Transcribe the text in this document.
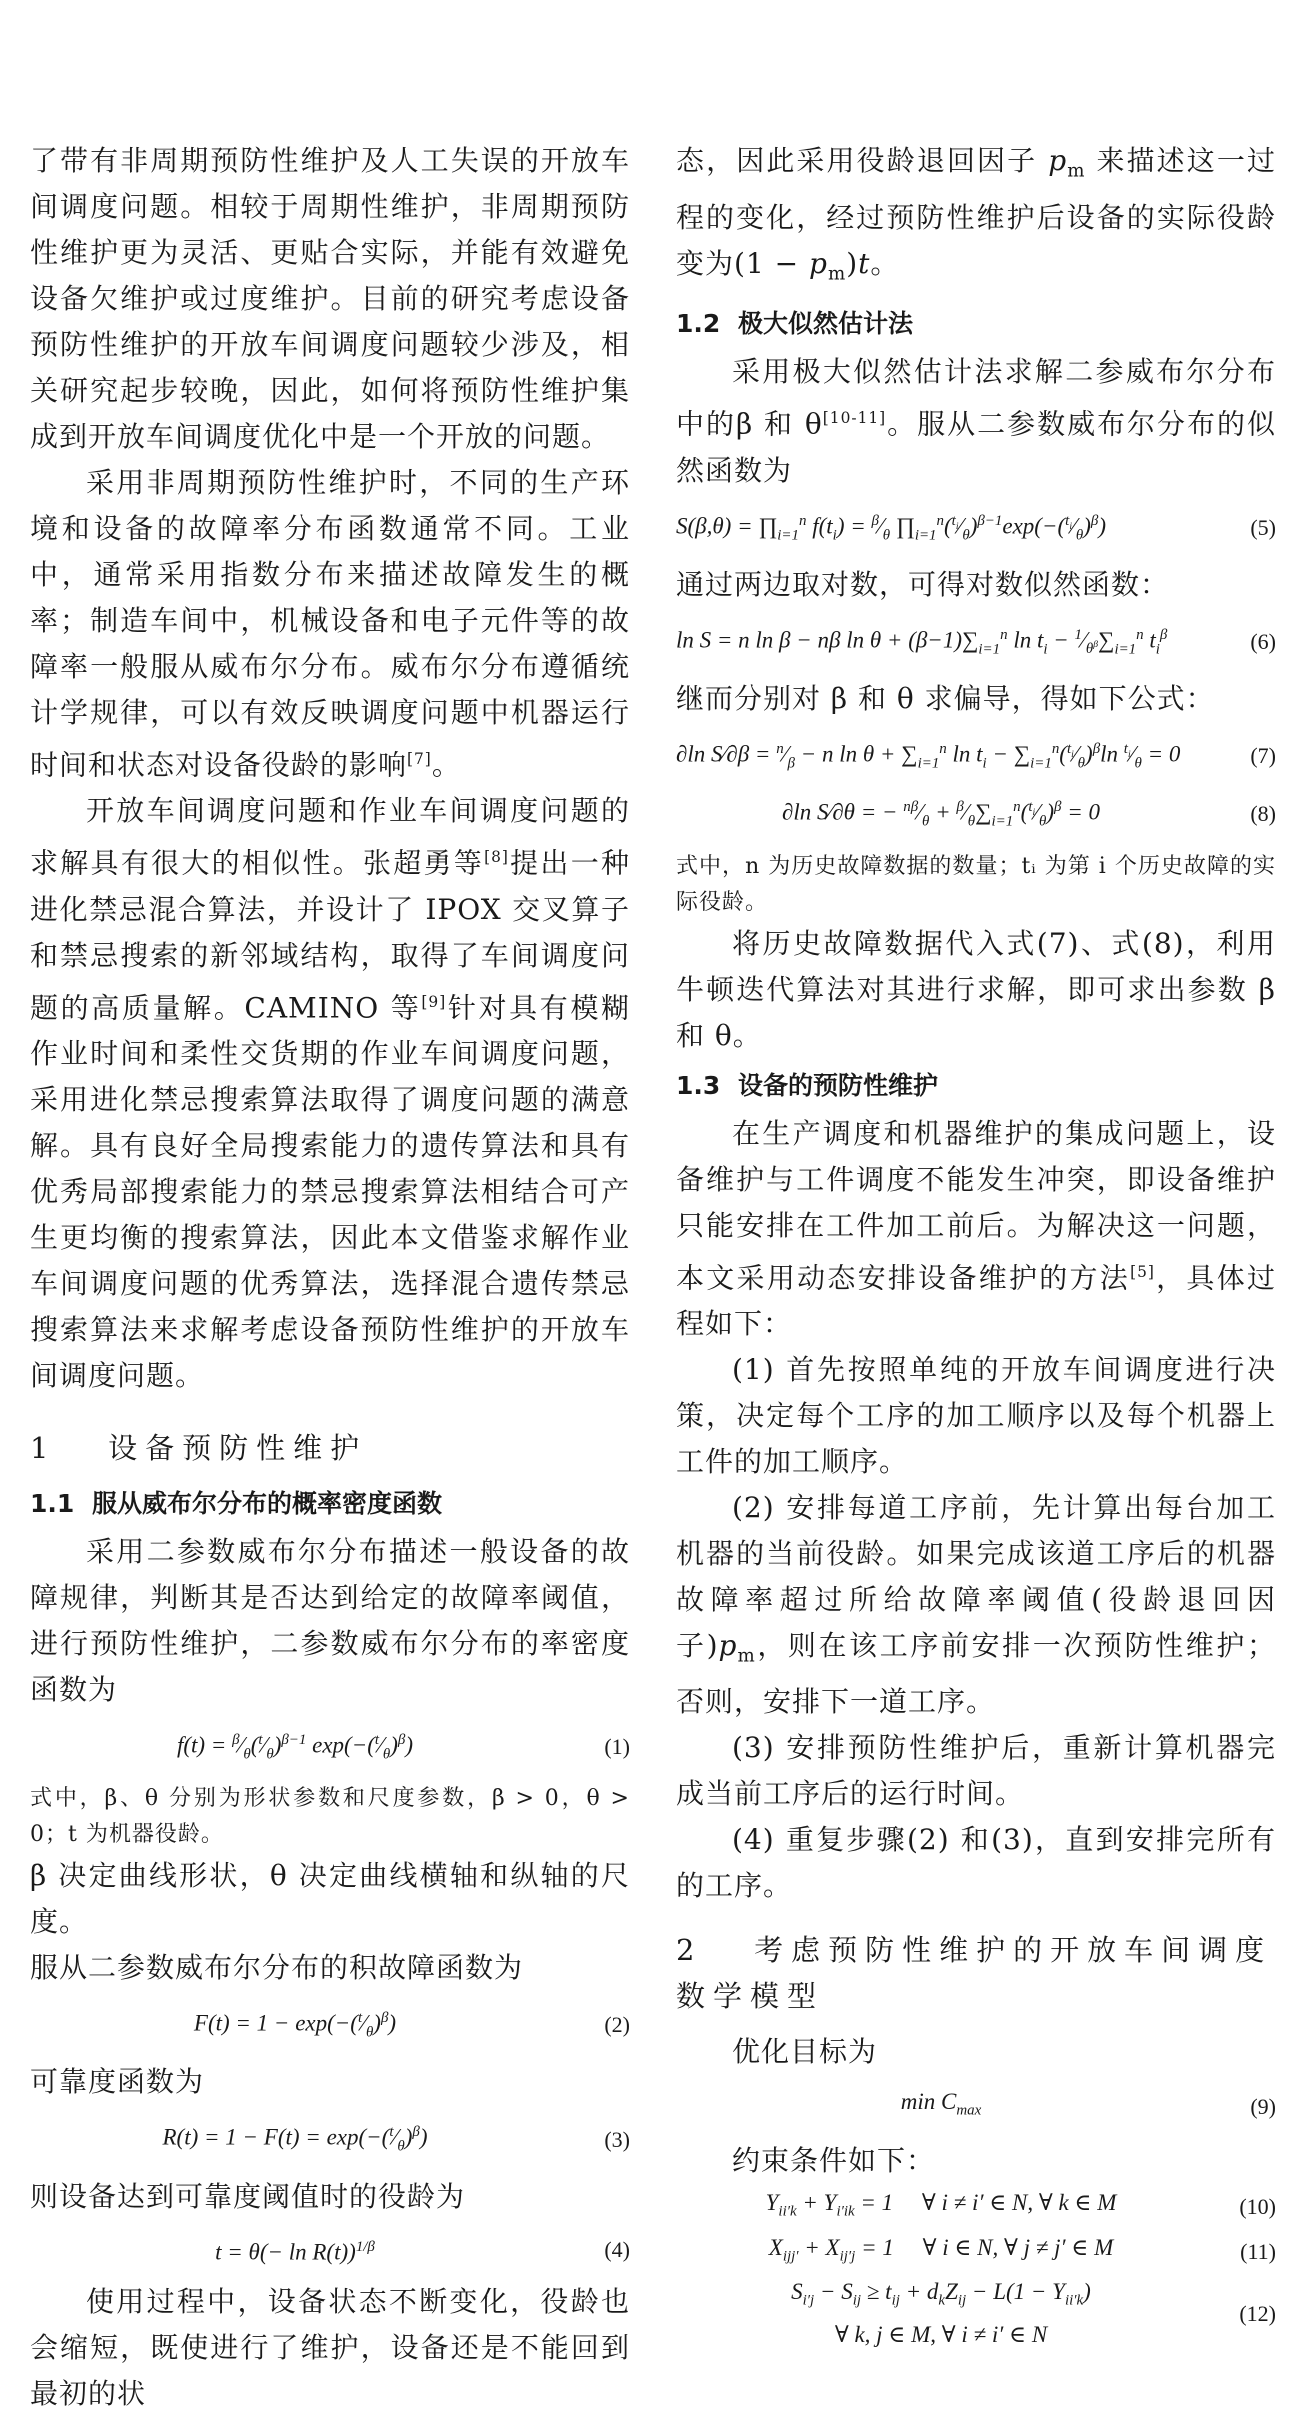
了带有非周期预防性维护及人工失误的开放车间调度问题。相较于周期性维护，非周期预防性维护更为灵活、更贴合实际，并能有效避免设备欠维护或过度维护。目前的研究考虑设备预防性维护的开放车间调度问题较少涉及，相关研究起步较晚，因此，如何将预防性维护集成到开放车间调度优化中是一个开放的问题。

采用非周期预防性维护时，不同的生产环境和设备的故障率分布函数通常不同。工业中，通常采用指数分布来描述故障发生的概率；制造车间中，机械设备和电子元件等的故障率一般服从威布尔分布。威布尔分布遵循统计学规律，可以有效反映调度问题中机器运行时间和状态对设备役龄的影响[7]。

开放车间调度问题和作业车间调度问题的求解具有很大的相似性。张超勇等[8]提出一种进化禁忌混合算法，并设计了 IPOX 交叉算子和禁忌搜索的新邻域结构，取得了车间调度问题的高质量解。CAMINO 等[9]针对具有模糊作业时间和柔性交货期的作业车间调度问题，采用进化禁忌搜索算法取得了调度问题的满意解。具有良好全局搜索能力的遗传算法和具有优秀局部搜索能力的禁忌搜索算法相结合可产生更均衡的搜索算法，因此本文借鉴求解作业车间调度问题的优秀算法，选择混合遗传禁忌搜索算法来求解考虑设备预防性维护的开放车间调度问题。

1 设备预防性维护
1.1 服从威布尔分布的概率密度函数

采用二参数威布尔分布描述一般设备的故障规律，判断其是否达到给定的故障率阈值，进行预防性维护，二参数威布尔分布的率密度函数为

$f(t) = ^\beta⁄_\theta(^t⁄_\theta)^{\beta-1}$ $\exp(-(^t⁄_\theta)^\beta)$	(1)

式中，β、θ 分别为形状参数和尺度参数，β > 0，θ > 0；t 为机器役龄。

β 决定曲线形状，θ 决定曲线横轴和纵轴的尺度。

服从二参数威布尔分布的积故障函数为

$F(t) = 1 - \exp(-(^t⁄_\theta)^\beta)$	(2)

可靠度函数为

$R(t) = 1 - F(t) = \exp(-(^t⁄_\theta)^\beta)$	(3)

则设备达到可靠度阈值时的役龄为

$t = \theta(- \ln R(t))^{1/\beta}$	(4)

使用过程中，设备状态不断变化，役龄也会缩短，既使进行了维护，设备还是不能回到最初的状

态，因此采用役龄退回因子 $p_m$ 来描述这一过程的变化，经过预防性维护后设备的实际役龄变为$(1 - p_m)t$。

1.2 极大似然估计法

采用极大似然估计法求解二参威布尔分布中的β 和 θ[10-11]。服从二参数威布尔分布的似然函数为

$S(\beta,\theta) = \prod_{i=1}^n$ $f(t_i)$ = $^\beta⁄_\theta$ $\prod_{i=1}^n(^{t_i}⁄_\theta)^{\beta-1}\exp(-(^{t_i}⁄_\theta)^\beta)$	(5)

通过两边取对数，可得对数似然函数：

ln S = n ln β − nβ $\ln \theta + (\beta-1)\sum_{i=1}^n$ $\ln t_i$ − $^1⁄_{\theta^\beta}\sum_{i=1}^n$ $t_i^\beta$	(6)

继而分别对 β 和 θ 求偏导，得如下公式：

∂ln S⁄∂β = $^n⁄_\beta - n$ $\ln \theta + \sum_{i=1}^n$ $\ln t_i$ − $\sum_{i=1}^n(^{t_i}⁄_\theta)^\beta\ln$ $^{t_i}⁄_\theta = 0$	(7)
∂ln S⁄∂θ = − $^{n\beta}⁄_\theta$ + $^\beta⁄_\theta\sum_{i=1}^n(^{t_i}⁄_\theta)^\beta = 0$	(8)

式中，n 为历史故障数据的数量；tᵢ 为第 i 个历史故障的实际役龄。

将历史故障数据代入式(7)、式(8)，利用牛顿迭代算法对其进行求解，即可求出参数 β 和 θ。

1.3 设备的预防性维护

在生产调度和机器维护的集成问题上，设备维护与工件调度不能发生冲突，即设备维护只能安排在工件加工前后。为解决这一问题，本文采用动态安排设备维护的方法[5]，具体过程如下：

(1) 首先按照单纯的开放车间调度进行决策，决定每个工序的加工顺序以及每个机器上工件的加工顺序。

(2) 安排每道工序前，先计算出每台加工机器的当前役龄。如果完成该道工序后的机器故障率超过所给故障率阈值(役龄退回因子)$p_m$，则在该工序前安排一次预防性维护；否则，安排下一道工序。

(3) 安排预防性维护后，重新计算机器完成当前工序后的运行时间。

(4) 重复步骤(2) 和(3)，直到安排完所有的工序。

2 考虑预防性维护的开放车间调度数学模型

优化目标为

$\min C_{max}$	(9)

约束条件如下：

$Y_{ii'k} + Y_{i'ik} = 1$     ∀ i ≠ i′ ∈ N, ∀ k ∈ M	(10)
$X_{ijj'} + X_{ij'j} = 1$     ∀ i ∈ N, ∀ j ≠ j′ ∈ M	(11)
$S_{i'j} - S_{ij} \ge t_{ij} + d_kZ_{ij} - L(1 - Y_{ii'k})$
∀ k, j ∈ M, ∀ i ≠ i′ ∈ N
(12)
